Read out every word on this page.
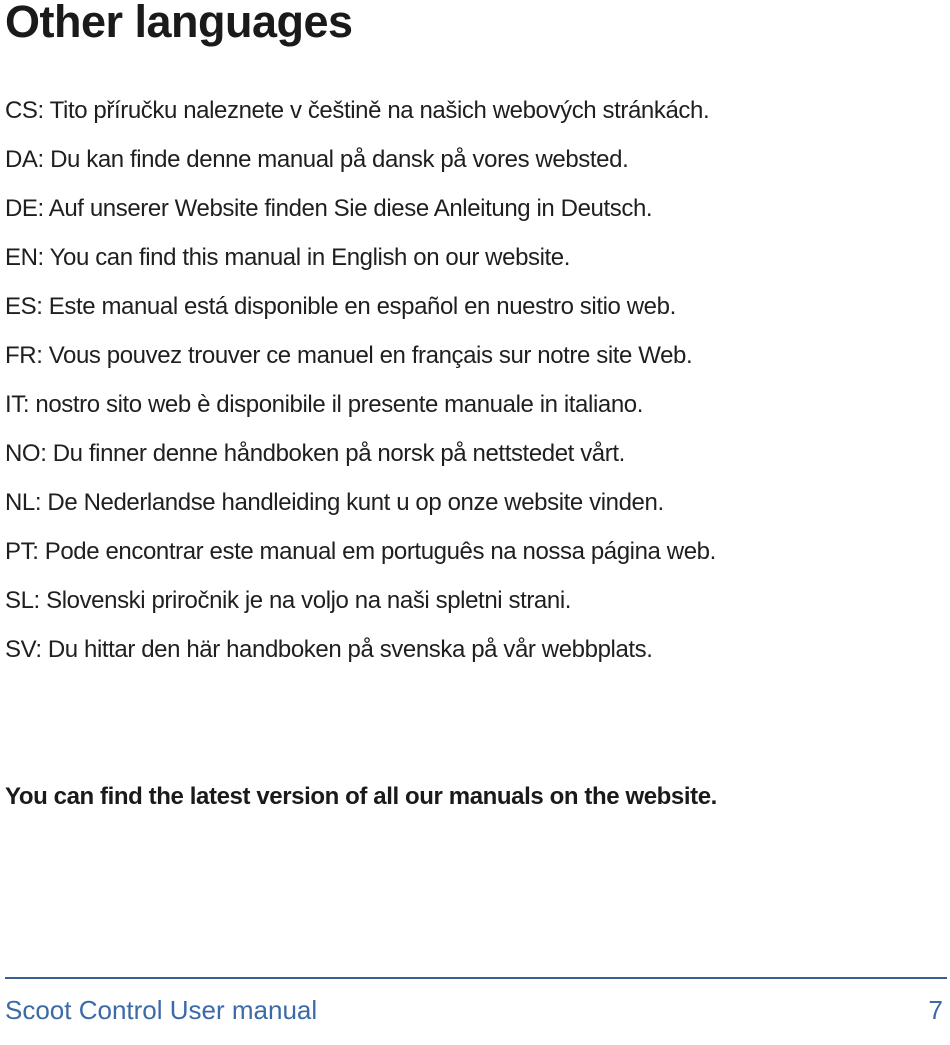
Other languages
CS: Tito příručku naleznete v češtině na našich webových stránkách.
DA: Du kan finde denne manual på dansk på vores websted.
DE: Auf unserer Website finden Sie diese Anleitung in Deutsch.
EN: You can find this manual in English on our website.
ES: Este manual está disponible en español en nuestro sitio web.
FR: Vous pouvez trouver ce manuel en français sur notre site Web.
IT: nostro sito web è disponibile il presente manuale in italiano.
NO: Du finner denne håndboken på norsk på nettstedet vårt.
NL: De Nederlandse handleiding kunt u op onze website vinden.
PT: Pode encontrar este manual em português na nossa página web.
SL: Slovenski priročnik je na voljo na naši spletni strani.
SV: Du hittar den här handboken på svenska på vår webbplats.

You can find the latest version of all our manuals on the website.

Scoot Control User manual	7
